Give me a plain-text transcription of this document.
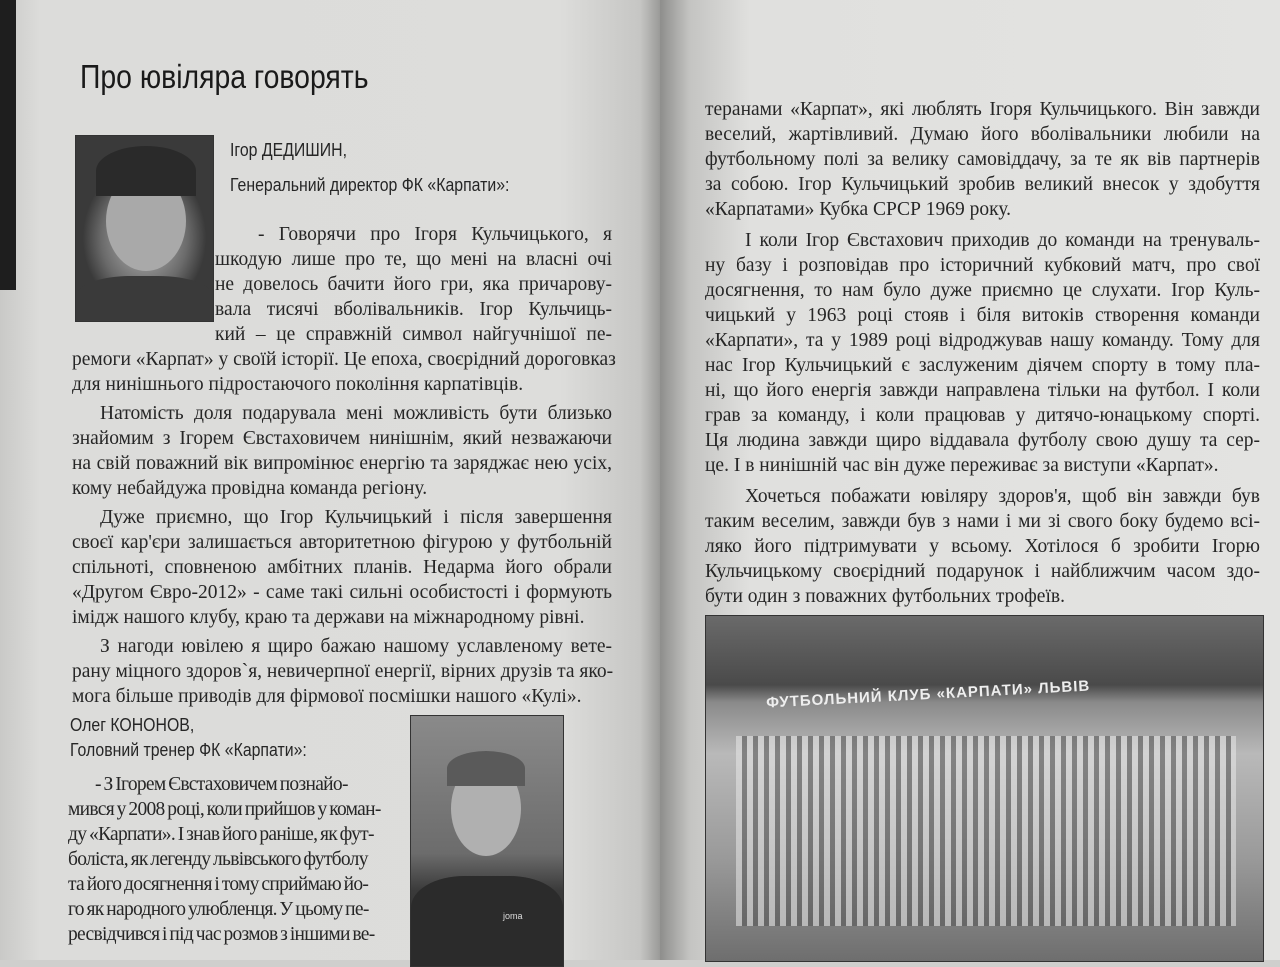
Про ювіляра говорять
joma
Ігор ДЕДИШИН,
Генеральний директор ФК «Карпати»:
- Говорячи про Ігоря Кульчицького, я
шкодую лише про те, що мені на власні очі
не довелось бачити його гри, яка причарову-
вала тисячі вболівальників. Ігор Кульчиць-
кий – це справжній символ найгучнішої пе-
ремоги «Карпат» у своїй історії. Це епоха, своєрідний дороговказ
для нинішнього підростаючого покоління карпатівців.
Натомість доля подарувала мені можливість бути близько
знайомим з Ігорем Євстаховичем нинішнім, який незважаючи
на свій поважний вік випромінює енергію та заряджає нею усіх,
кому небайдужа провідна команда регіону.
Дуже приємно, що Ігор Кульчицький і після завершення
своєї кар'єри залишається авторитетною фігурою у футбольній
спільноті, сповненою амбітних планів. Недарма його обрали
«Другом Євро-2012» - саме такі сильні особистості і формують
імідж нашого клубу, краю та держави на міжнародному рівні.
З нагоди ювілею я щиро бажаю нашому уславленому вете-
рану міцного здоров`я, невичерпної енергії, вірних друзів та яко-
мога більше приводів для фірмової посмішки нашого «Кулі».
Олег КОНОНОВ,
Головний тренер ФК «Карпати»:
- З Ігорем Євстаховичем познайо-
мився у 2008 році, коли прийшов у коман-
ду «Карпати». І знав його раніше, як фут-
боліста, як легенду львівського футболу
та його досягнення і тому сприймаю йо-
го як народного улюбленця. У цьому пе-
ресвідчився і під час розмов з іншими ве-
теранами «Карпат», які люблять Ігоря Кульчицького. Він завжди
веселий, жартівливий. Думаю його вболівальники любили на
футбольному полі за велику самовіддачу, за те як вів партнерів
за собою. Ігор Кульчицький зробив великий внесок у здобуття
«Карпатами» Кубка СРСР 1969 року.
І коли Ігор Євстахович приходив до команди на тренуваль-
ну базу і розповідав про історичний кубковий матч, про свої
досягнення, то нам було дуже приємно це слухати. Ігор Куль-
чицький у 1963 році стояв і біля витоків створення команди
«Карпати», та у 1989 році відроджував нашу команду. Тому для
нас Ігор Кульчицький є заслуженим діячем спорту в тому пла-
ні, що його енергія завжди направлена тільки на футбол. І коли
грав за команду, і коли працював у дитячо-юнацькому спорті.
Ця людина завжди щиро віддавала футболу свою душу та сер-
це. І в нинішній час він дуже переживає за виступи «Карпат».
Хочеться побажати ювіляру здоров'я, щоб він завжди був
таким веселим, завжди був з нами і ми зі свого боку будемо всі-
ляко його підтримувати у всьому. Хотілося б зробити Ігорю
Кульчицькому своєрідний подарунок і найближчим часом здо-
бути один з поважних футбольних трофеїв.
ФУТБОЛЬНИЙ КЛУБ «КАРПАТИ» ЛЬВІВ
